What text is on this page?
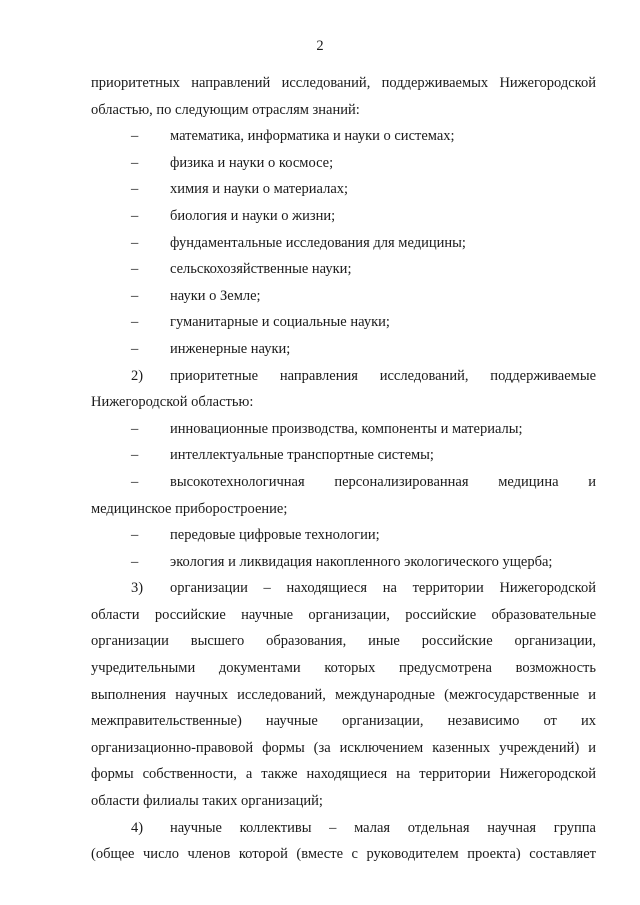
2

приоритетных направлений исследований, поддерживаемых Нижегородской

областью, по следующим отраслям знаний:

–	математика, информатика и науки о системах;
–	физика и науки о космосе;
–	химия и науки о материалах;
–	биология и науки о жизни;
–	фундаментальные исследования для медицины;
–	сельскохозяйственные науки;
–	науки о Земле;
–	гуманитарные и социальные науки;
–	инженерные науки;
2)	приоритетные направления исследований, поддерживаемые

Нижегородской областью:

–	инновационные производства, компоненты и материалы;
–	интеллектуальные транспортные системы;
–	высокотехнологичная персонализированная медицина и
медицинское приборостроение;
–	передовые цифровые технологии;
–	экология и ликвидация накопленного экологического ущерба;
3)	организации – находящиеся на территории Нижегородской

области российские научные организации, российские образовательные

организации высшего образования, иные российские организации,

учредительными документами которых предусмотрена возможность

выполнения научных исследований, международные (межгосударственные и

межправительственные) научные организации, независимо от их

организационно-правовой формы (за исключением казенных учреждений) и

формы собственности, а также находящиеся на территории Нижегородской

области филиалы таких организаций;

4)	научные коллективы – малая отдельная научная группа

(общее число членов которой (вместе с руководителем проекта) составляет
